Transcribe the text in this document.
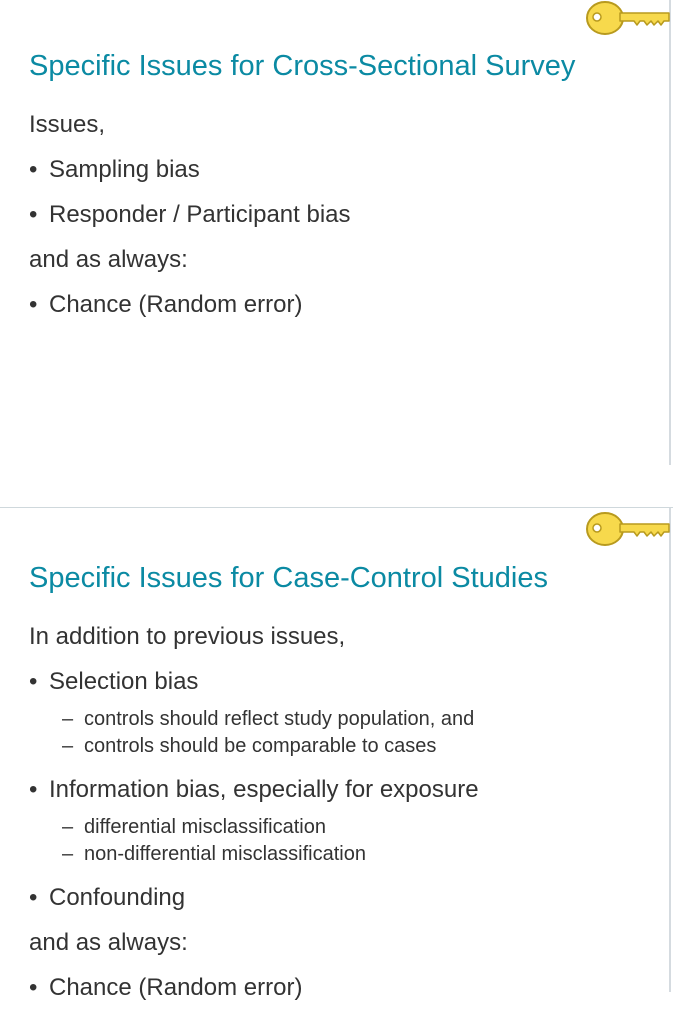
Specific Issues for Cross-Sectional Survey
Issues,
• Sampling bias
• Responder / Participant bias
and as always:
• Chance (Random error)
Specific Issues for Case-Control Studies
In addition to previous issues,
• Selection bias
– controls should reflect study population, and
– controls should be comparable to cases
• Information bias, especially for exposure
– differential misclassification
– non-differential misclassification
• Confounding
and as always:
• Chance (Random error)
